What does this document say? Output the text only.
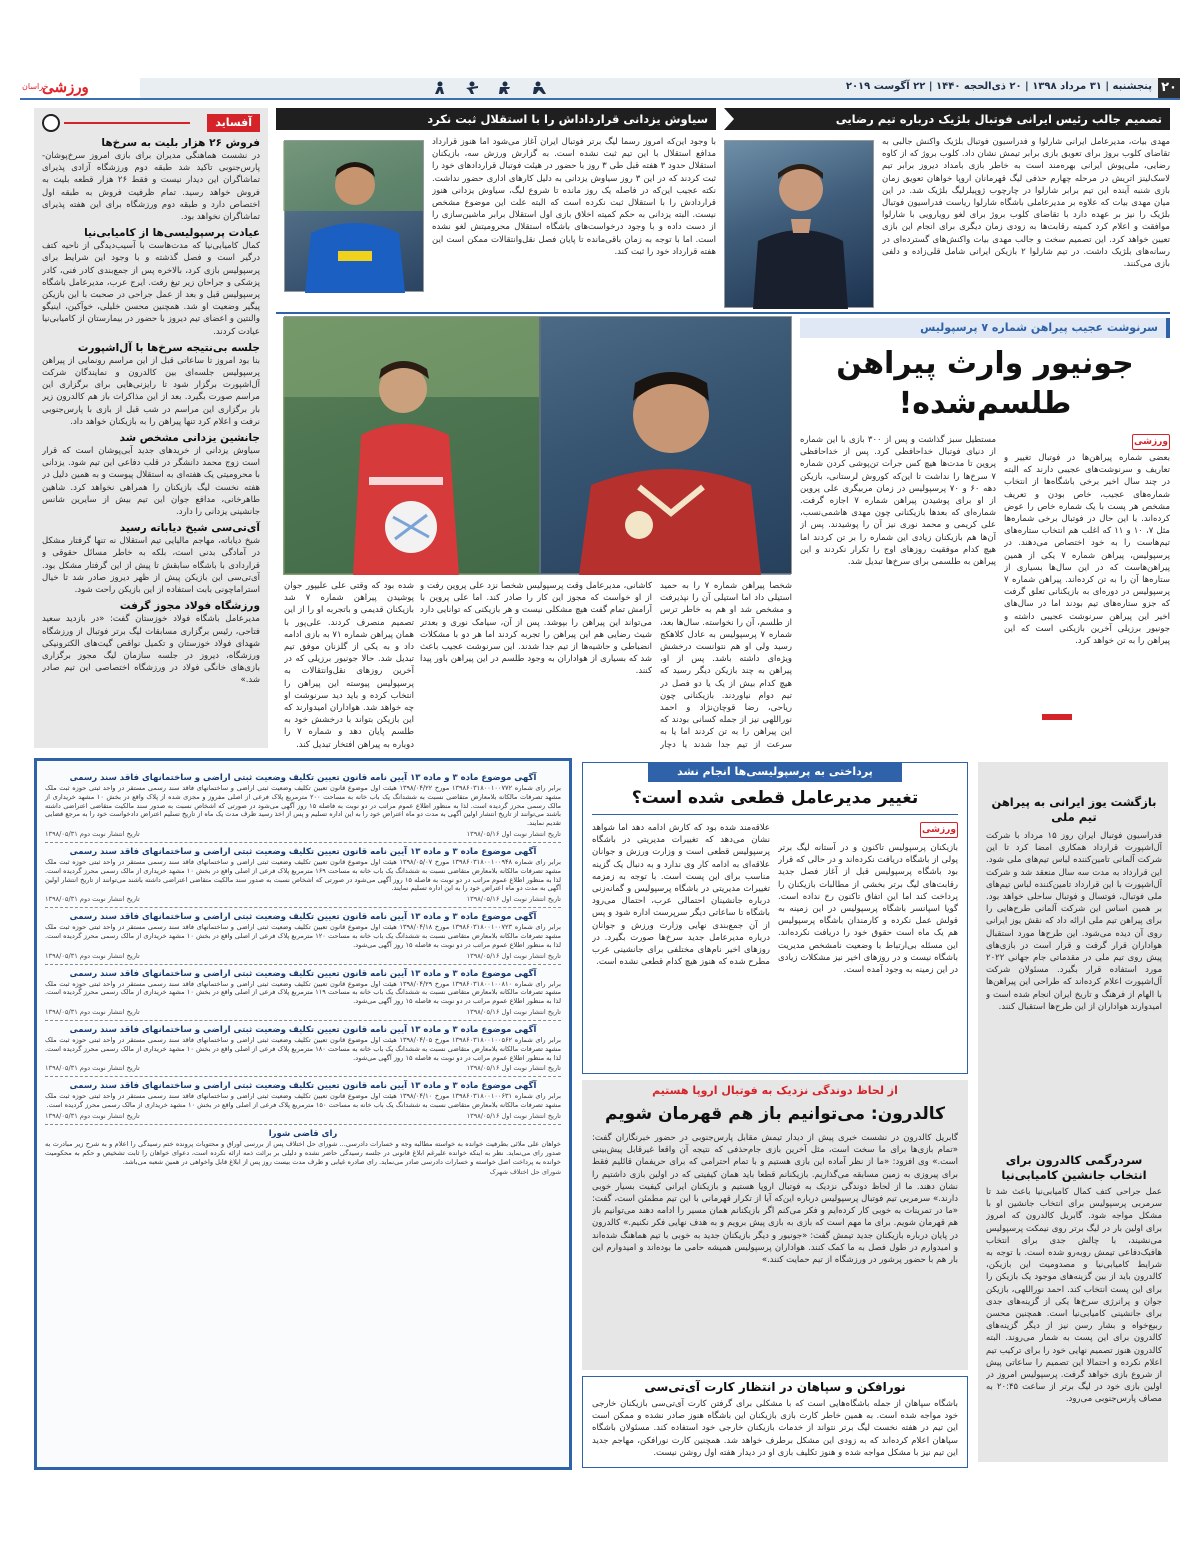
۲۰
پنجشنبه | ۳۱ مرداد ۱۳۹۸ | ۲۰ ذی‌الحجه ۱۴۴۰ | ۲۲ آگوست ۲۰۱۹
خراسان
ورزشی
آفساید
فروش ۲۶ هزار بلیت به سرخ‌ها
در نشست هماهنگی مدیران برای بازی امروز سرخ‌پوشان-پارس‌جنوبی تاکید شد طبقه دوم ورزشگاه آزادی پذیرای تماشاگران این دیدار نیست و فقط ۲۶ هزار قطعه بلیت به فروش خواهد رسید. تمام ظرفیت فروش به طبقه اول اختصاص دارد و طبقه دوم ورزشگاه برای این هفته پذیرای تماشاگران نخواهد بود.
عیادت پرسپولیسی‌ها از کامیابی‌نیا
کمال کامیابی‌نیا که مدت‌هاست با آسیب‌دیدگی از ناحیه کتف درگیر است و فصل گذشته و با وجود این شرایط برای پرسپولیس بازی کرد، بالاخره پس از جمع‌بندی کادر فنی، کادر پزشکی و جراحان زیر تیغ رفت. ایرج عرب، مدیرعامل باشگاه پرسپولیس قبل و بعد از عمل جراحی در صحبت با این بازیکن پیگیر وضعیت او شد. همچنین محسن خلیلی، خوآکین، اینیگو والنتین و اعضای تیم دیروز با حضور در بیمارستان از کامیابی‌نیا عیادت کردند.
جلسه بی‌نتیجه سرخ‌ها با آل‌اشپورت
بنا بود امروز تا ساعاتی قبل از این مراسم رونمایی از پیراهن پرسپولیس جلسه‌ای بین کالدرون و نمایندگان شرکت آل‌اشپورت برگزار شود تا رایزنی‌هایی برای برگزاری این مراسم صورت بگیرد. بعد از این مذاکرات باز هم کالدرون زیر بار برگزاری این مراسم در شب قبل از بازی با پارس‌جنوبی نرفت و اعلام کرد تنها پیراهن را به بازیکنان خواهد داد.
جانشین یزدانی مشخص شد
سیاوش یزدانی از خریدهای جدید آبی‌پوشان است که قرار است زوج محمد دانشگر در قلب دفاعی این تیم شود. یزدانی با محرومیتی یک هفته‌ای به استقلال پیوست و به همین دلیل در هفته نخست لیگ بازیکنان را همراهی نخواهد کرد. شاهین طاهرخانی، مدافع جوان این تیم بیش از سایرین شانس جانشینی یزدانی را دارد.
آی‌تی‌سی شیخ دیاباته رسید
شیخ دیاباته، مهاجم مالیایی تیم استقلال نه تنها گرفتار مشکل در آمادگی بدنی است، بلکه به خاطر مسائل حقوقی و قراردادی با باشگاه سابقش تا پیش از این گرفتار مشکل بود. آی‌تی‌سی این بازیکن پیش از ظهر دیروز صادر شد تا خیال استراماچونی بابت استفاده از این بازیکن راحت شود.
ورزشگاه فولاد مجوز گرفت
مدیرعامل باشگاه فولاد خوزستان گفت: «در بازدید سعید فتاحی، رئیس برگزاری مسابقات لیگ برتر فوتبال از ورزشگاه شهدای فولاد خوزستان و تکمیل نواقص گیت‌های الکترونیکی ورزشگاه، دیروز در جلسه سازمان لیگ مجوز برگزاری بازی‌های خانگی فولاد در ورزشگاه اختصاصی این تیم صادر شد.»
تصمیم جالب رئیس ایرانی فوتبال بلژیک درباره تیم رضایی
مهدی بیات، مدیرعامل ایرانی شارلوا و فدراسیون فوتبال بلژیک واکنش جالبی به تقاضای کلوب بروژ برای تعویق بازی برابر تیمش نشان داد. کلوب بروژ که از کاوه رضایی، ملی‌پوش ایرانی بهره‌مند است به خاطر بازی بامداد دیروز برابر تیم لاسک‌لینز اتریش در مرحله چهارم حذفی لیگ قهرمانان اروپا خواهان تعویق زمان بازی شنبه آینده این تیم برابر شارلوا در چارچوب ژوپیلرلیگ بلژیک شد. در این میان مهدی بیات که علاوه بر مدیرعاملی باشگاه شارلوا ریاست فدراسیون فوتبال بلژیک را نیز بر عهده دارد با تقاضای کلوب بروژ برای لغو رویارویی با شارلوا موافقت و اعلام کرد کمیته رقابت‌ها به زودی زمان دیگری برای انجام این بازی تعیین خواهد کرد. این تصمیم سخت و جالب مهدی بیات واکنش‌های گسترده‌ای در رسانه‌های بلژیک داشت. در تیم شارلوا ۲ بازیکن ایرانی شامل قلی‌زاده و دلفی بازی می‌کنند.
سیاوش یزدانی قرارداداش را با استقلال ثبت نکرد
با وجود این‌که امروز رسما لیگ برتر فوتبال ایران آغاز می‌شود اما هنوز قرارداد مدافع استقلال با این تیم ثبت نشده است. به گزارش ورزش سه، بازیکنان استقلال حدود ۳ هفته قبل طی ۳ روز با حضور در هیئت فوتبال قراردادهای خود را ثبت کردند که در این ۳ روز سیاوش یزدانی به دلیل کارهای اداری حضور نداشت. نکته عجیب این‌که در فاصله یک روز مانده تا شروع لیگ، سیاوش یزدانی هنوز قراردادش را با استقلال ثبت نکرده است که البته علت این موضوع مشخص نیست. البته یزدانی به حکم کمیته اخلاق بازی اول استقلال برابر ماشین‌سازی را از دست داده و با وجود درخواست‌های باشگاه استقلال محرومیتش لغو نشده است. اما با توجه به زمان باقی‌مانده تا پایان فصل نقل‌وانتقالات ممکن است این هفته قرارداد خود را ثبت کند.
سرنوشت عجیب پیراهن شماره ۷ پرسپولیس
جونیور وارث پیراهن
طلسم‌شده!
ورزشی
بعضی شماره پیراهن‌ها در فوتبال تغییر و تعاریف و سرنوشت‌های عجیبی دارند که البته در چند سال اخیر برخی باشگاه‌ها از انتخاب شماره‌های عجیب، خاص بودن و تعریف مشخص هر پست با یک شماره خاص را عوض کرده‌اند. با این حال در فوتبال برخی شماره‌ها مثل ۷، ۱۰ و ۱۱ که اغلب هم انتخاب ستاره‌های تیم‌هاست را به خود اختصاص می‌دهند. در پرسپولیس، پیراهن شماره ۷ یکی از همین پیراهن‌هاست که در این سال‌ها بسیاری از ستاره‌ها آن را به تن کرده‌اند. پیراهن شماره ۷ پرسپولیس در دوره‌ای به بازیکنانی تعلق گرفت که جزو ستاره‌های تیم بودند اما در سال‌های اخیر این پیراهن سرنوشت عجیبی داشته و جونیور برزیلی آخرین بازیکنی است که این پیراهن را به تن خواهد کرد.
مستطیل سبز گذاشت و پس از ۳۰۰ بازی با این شماره از دنیای فوتبال خداحافظی کرد. پس از خداحافظی پروین تا مدت‌ها هیچ کس جرات تن‌پوشی کردن شماره ۷ سرخ‌ها را نداشت تا این‌که کوروش لرستانی، بازیکن دهه ۶۰ و ۷۰ پرسپولیس در زمان مربیگری علی پروین از او برای پوشیدن پیراهن شماره ۷ اجازه گرفت. شماره‌ای که بعدها بازیکنانی چون مهدی هاشمی‌نسب، علی کریمی و محمد نوری نیز آن را پوشیدند. پس از آن‌ها هم بازیکنان زیادی این شماره را بر تن کردند اما هیچ کدام موفقیت روزهای اوج را تکرار نکردند و این پیراهن به طلسمی برای سرخ‌ها تبدیل شد.
شخصا پیراهن شماره ۷ را به حمید استیلی داد اما استیلی آن را نپذیرفت و مشخص شد او هم به خاطر ترس از طلسم، آن را نخواسته. سال‌ها بعد، شماره ۷ پرسپولیس به عادل کلاهکج رسید ولی او هم نتوانست درخشش ویژه‌ای داشته باشد. پس از او، پیراهن به چند بازیکن دیگر رسید که هیچ کدام بیش از یک یا دو فصل در تیم دوام نیاوردند. بازیکنانی چون ریاحی، رضا قوچان‌نژاد و احمد نوراللهی نیز از جمله کسانی بودند که این پیراهن را به تن کردند اما یا به سرعت از تیم جدا شدند یا دچار
کاشانی، مدیرعامل وقت پرسپولیس شخصا نزد علی پروین رفت و از او خواست که مجوز این کار را صادر کند. اما علی پروین با آرامش تمام گفت هیچ مشکلی نیست و هر بازیکنی که توانایی دارد می‌تواند این پیراهن را بپوشد. پس از آن، سیامک نوری و بعدتر شیث رضایی هم این پیراهن را تجربه کردند اما هر دو با مشکلات انضباطی و حاشیه‌ها از تیم جدا شدند. این سرنوشت عجیب باعث شد که بسیاری از هواداران به وجود طلسم در این پیراهن باور پیدا کنند.
شده بود که وقتی علی علیپور جوان پوشیدن پیراهن شماره ۷ شد بازیکنان قدیمی و باتجربه او را از این تصمیم منصرف کردند. علی‌پور با همان پیراهن شماره ۷۱ به بازی ادامه داد و به یکی از گلزنان موفق تیم تبدیل شد. حالا جونیور برزیلی که در آخرین روزهای نقل‌وانتقالات به پرسپولیس پیوسته این پیراهن را انتخاب کرده و باید دید سرنوشت او چه خواهد شد. هواداران امیدوارند که این بازیکن بتواند با درخشش خود به طلسم پایان دهد و شماره ۷ را دوباره به پیراهن افتخار تبدیل کند.
آگهی موضوع ماده ۳ و ماده ۱۳ آیین نامه قانون تعیین تکلیف وضعیت ثبتی اراضی و ساختمانهای فاقد سند رسمی
برابر رای شماره ۱۳۹۸۶۰۳۱۸۰۰۱۰۰۷۷۲ مورخ ۱۳۹۸/۰۴/۲۲ هیئت اول موضوع قانون تعیین تکلیف وضعیت ثبتی اراضی و ساختمانهای فاقد سند رسمی مستقر در واحد ثبتی حوزه ثبت ملک مشهد تصرفات مالکانه بلامعارض متقاضی نسبت به ششدانگ یک باب خانه به مساحت ۲۰۰ مترمربع پلاک فرعی از اصلی مفروز و مجزی شده از پلاک واقع در بخش ۱۰ مشهد خریداری از مالک رسمی محرز گردیده است. لذا به منظور اطلاع عموم مراتب در دو نوبت به فاصله ۱۵ روز آگهی می‌شود در صورتی که اشخاص نسبت به صدور سند مالکیت متقاضی اعتراضی داشته باشند می‌توانند از تاریخ انتشار اولین آگهی به مدت دو ماه اعتراض خود را به این اداره تسلیم و پس از اخذ رسید ظرف مدت یک ماه از تاریخ تسلیم اعتراض دادخواست خود را به مرجع قضایی تقدیم نمایند.
تاریخ انتشار نوبت اول ۱۳۹۸/۰۵/۱۶
تاریخ انتشار نوبت دوم ۱۳۹۸/۰۵/۳۱
آگهی موضوع ماده ۳ و ماده ۱۳ آیین نامه قانون تعیین تکلیف وضعیت ثبتی اراضی و ساختمانهای فاقد سند رسمی
برابر رای شماره ۱۳۹۸۶۰۳۱۸۰۰۱۰۰۹۴۸ مورخ ۱۳۹۸/۰۵/۰۷ هیئت اول موضوع قانون تعیین تکلیف وضعیت ثبتی اراضی و ساختمانهای فاقد سند رسمی مستقر در واحد ثبتی حوزه ثبت ملک مشهد تصرفات مالکانه بلامعارض متقاضی نسبت به ششدانگ یک باب خانه به مساحت ۱۶۹ مترمربع پلاک فرعی از اصلی واقع در بخش ۱۰ مشهد خریداری از مالک رسمی محرز گردیده است. لذا به منظور اطلاع عموم مراتب در دو نوبت به فاصله ۱۵ روز آگهی می‌شود در صورتی که اشخاص نسبت به صدور سند مالکیت متقاضی اعتراضی داشته باشند می‌توانند از تاریخ انتشار اولین آگهی به مدت دو ماه اعتراض خود را به این اداره تسلیم نمایند.
تاریخ انتشار نوبت اول ۱۳۹۸/۰۵/۱۶
تاریخ انتشار نوبت دوم ۱۳۹۸/۰۵/۳۱
آگهی موضوع ماده ۳ و ماده ۱۳ آیین نامه قانون تعیین تکلیف وضعیت ثبتی اراضی و ساختمانهای فاقد سند رسمی
برابر رای شماره ۱۳۹۸۶۰۳۱۸۰۰۱۰۰۷۲۳ مورخ ۱۳۹۸/۰۴/۱۸ هیئت اول موضوع قانون تعیین تکلیف وضعیت ثبتی اراضی و ساختمانهای فاقد سند رسمی مستقر در واحد ثبتی حوزه ثبت ملک مشهد تصرفات مالکانه بلامعارض متقاضی نسبت به ششدانگ یک باب خانه به مساحت ۱۲۰ مترمربع پلاک فرعی از اصلی واقع در بخش ۱۰ مشهد خریداری از مالک رسمی محرز گردیده است. لذا به منظور اطلاع عموم مراتب در دو نوبت به فاصله ۱۵ روز آگهی می‌شود.
تاریخ انتشار نوبت اول ۱۳۹۸/۰۵/۱۶
تاریخ انتشار نوبت دوم ۱۳۹۸/۰۵/۳۱
آگهی موضوع ماده ۳ و ماده ۱۳ آیین نامه قانون تعیین تکلیف وضعیت ثبتی اراضی و ساختمانهای فاقد سند رسمی
برابر رای شماره ۱۳۹۸۶۰۳۱۸۰۰۱۰۰۸۱۰ مورخ ۱۳۹۸/۰۴/۲۹ هیئت اول موضوع قانون تعیین تکلیف وضعیت ثبتی اراضی و ساختمانهای فاقد سند رسمی مستقر در واحد ثبتی حوزه ثبت ملک مشهد تصرفات مالکانه بلامعارض متقاضی نسبت به ششدانگ یک باب خانه به مساحت ۱۱۹ مترمربع پلاک فرعی از اصلی واقع در بخش ۱۰ مشهد خریداری از مالک رسمی محرز گردیده است. لذا به منظور اطلاع عموم مراتب در دو نوبت به فاصله ۱۵ روز آگهی می‌شود.
تاریخ انتشار نوبت اول ۱۳۹۸/۰۵/۱۶
تاریخ انتشار نوبت دوم ۱۳۹۸/۰۵/۳۱
آگهی موضوع ماده ۳ و ماده ۱۳ آیین نامه قانون تعیین تکلیف وضعیت ثبتی اراضی و ساختمانهای فاقد سند رسمی
برابر رای شماره ۱۳۹۸۶۰۳۱۸۰۰۱۰۰۵۶۲ مورخ ۱۳۹۸/۰۴/۰۵ هیئت اول موضوع قانون تعیین تکلیف وضعیت ثبتی اراضی و ساختمانهای فاقد سند رسمی مستقر در واحد ثبتی حوزه ثبت ملک مشهد تصرفات مالکانه بلامعارض متقاضی نسبت به ششدانگ یک باب خانه به مساحت ۱۸۰ مترمربع پلاک فرعی از اصلی واقع در بخش ۱۰ مشهد خریداری از مالک رسمی محرز گردیده است. لذا به منظور اطلاع عموم مراتب در دو نوبت به فاصله ۱۵ روز آگهی می‌شود.
تاریخ انتشار نوبت اول ۱۳۹۸/۰۵/۱۶
تاریخ انتشار نوبت دوم ۱۳۹۸/۰۵/۳۱
آگهی موضوع ماده ۳ و ماده ۱۳ آیین نامه قانون تعیین تکلیف وضعیت ثبتی اراضی و ساختمانهای فاقد سند رسمی
برابر رای شماره ۱۳۹۸۶۰۳۱۸۰۰۱۰۰۶۳۱ مورخ ۱۳۹۸/۰۴/۱۰ هیئت اول موضوع قانون تعیین تکلیف وضعیت ثبتی اراضی و ساختمانهای فاقد سند رسمی مستقر در واحد ثبتی حوزه ثبت ملک مشهد تصرفات مالکانه بلامعارض متقاضی نسبت به ششدانگ یک باب خانه به مساحت ۱۵۰ مترمربع پلاک فرعی از اصلی واقع در بخش ۱۰ مشهد خریداری از مالک رسمی محرز گردیده است.
تاریخ انتشار نوبت اول ۱۳۹۸/۰۵/۱۶
تاریخ انتشار نوبت دوم ۱۳۹۸/۰۵/۳۱
رای قاضی شورا
خواهان علی ملائی بطرفیت خوانده به خواسته مطالبه وجه و خسارات دادرسی... شورای حل اختلاف پس از بررسی اوراق و محتویات پرونده ختم رسیدگی را اعلام و به شرح زیر مبادرت به صدور رای می‌نماید. نظر به اینکه خوانده علیرغم ابلاغ قانونی در جلسه رسیدگی حاضر نشده و دلیلی بر برائت ذمه ارائه نکرده است، دعوای خواهان را ثابت تشخیص و حکم به محکومیت خوانده به پرداخت اصل خواسته و خسارات دادرسی صادر می‌نماید. رای صادره غیابی و ظرف مدت بیست روز پس از ابلاغ قابل واخواهی در همین شعبه می‌باشد.
شورای حل اختلاف شهرک
پرداختی به پرسپولیسی‌ها انجام نشد
تغییر مدیرعامل قطعی شده است؟
ورزشی
بازیکنان پرسپولیس تاکنون و در آستانه لیگ برتر پولی از باشگاه دریافت نکرده‌اند و در حالی که قرار بود باشگاه پرسپولیس قبل از آغاز فصل جدید رقابت‌های لیگ برتر بخشی از مطالبات بازیکنان را پرداخت کند اما این اتفاق تاکنون رخ نداده است. گویا اسپانسر باشگاه پرسپولیس در این زمینه به قولش عمل نکرده و کارمندان باشگاه پرسپولیس هم یک ماه است حقوق خود را دریافت نکرده‌اند. این مسئله بی‌ارتباط با وضعیت نامشخص مدیریت باشگاه نیست و در روزهای اخیر نیز مشکلات زیادی در این زمینه به وجود آمده است.
علاقه‌مند شده بود که کارش ادامه دهد اما شواهد نشان می‌دهد که تغییرات مدیریتی در باشگاه پرسپولیس قطعی است و وزارت ورزش و جوانان علاقه‌ای به ادامه کار وی ندارد و به دنبال یک گزینه مناسب برای این پست است. با توجه به زمزمه تغییرات مدیریتی در باشگاه پرسپولیس و گمانه‌زنی درباره جانشینان احتمالی عرب، احتمال می‌رود باشگاه تا ساعاتی دیگر سرپرست اداره شود و پس از آن جمع‌بندی نهایی وزارت ورزش و جوانان درباره مدیرعامل جدید سرخ‌ها صورت بگیرد. در روزهای اخیر نام‌های مختلفی برای جانشینی عرب مطرح شده که هنوز هیچ کدام قطعی نشده است.
از لحاظ دوندگی نزدیک به فوتبال اروپا هستیم
کالدرون: می‌توانیم باز هم قهرمان شویم
گابریل کالدرون در نشست خبری پیش از دیدار تیمش مقابل پارس‌جنوبی در حضور خبرنگاران گفت: «تمام بازی‌ها برای ما سخت است، مثل آخرین بازی جام‌حذفی که نتیجه آن واقعا غیرقابل پیش‌بینی است.» وی افزود: «ما از نظر آماده این بازی هستیم و با تمام احترامی که برای حریفمان قائلیم فقط برای پیروزی به زمین مسابقه می‌گذاریم. بازیکنانم قطعا باید همان کیفیتی که در اولین بازی داشتیم را نشان دهند. ما از لحاظ دوندگی نزدیک به فوتبال اروپا هستیم و بازیکنان ایرانی کیفیت بسیار خوبی دارند.» سرمربی تیم فوتبال پرسپولیس درباره این‌که آیا از تکرار قهرمانی با این تیم مطمئن است، گفت: «ما در تمرینات به خوبی کار کرده‌ایم و فکر می‌کنم اگر بازیکنانم همان مسیر را ادامه دهند می‌توانیم باز هم قهرمان شویم. برای ما مهم است که بازی به بازی پیش برویم و به هدف نهایی فکر نکنیم.» کالدرون در پایان درباره بازیکنان جدید تیمش گفت: «جونیور و دیگر بازیکنان جدید به خوبی با تیم هماهنگ شده‌اند و امیدوارم در طول فصل به ما کمک کنند. هواداران پرسپولیس همیشه حامی ما بوده‌اند و امیدوارم این بار هم با حضور پرشور در ورزشگاه از تیم حمایت کنند.»
نورافکن و سپاهان در انتظار کارت آی‌تی‌سی
باشگاه سپاهان از جمله باشگاه‌هایی است که با مشکلی برای گرفتن کارت آی‌تی‌سی بازیکنان خارجی خود مواجه شده است. به همین خاطر کارت بازی بازیکنان این باشگاه هنوز صادر نشده و ممکن است این تیم در هفته نخست لیگ برتر نتواند از خدمات بازیکنان خارجی خود استفاده کند. مسئولان باشگاه سپاهان اعلام کرده‌اند که به زودی این مشکل برطرف خواهد شد. همچنین کارت نورافکن، مهاجم جدید این تیم نیز با مشکل مواجه شده و هنوز تکلیف بازی او در دیدار هفته اول روشن نیست.
بازگشت یوز ایرانی به پیراهن تیم ملی
فدراسیون فوتبال ایران روز ۱۵ مرداد با شرکت آل‌اشپورت قرارداد همکاری امضا کرد تا این شرکت آلمانی تامین‌کننده لباس تیم‌های ملی شود. این قرارداد به مدت سه سال منعقد شد و شرکت آل‌اشپورت با این قرارداد تامین‌کننده لباس تیم‌های ملی فوتبال، فوتسال و فوتبال ساحلی خواهد بود. بر همین اساس این شرکت آلمانی طرح‌هایی را برای پیراهن تیم ملی ارائه داد که نقش یوز ایرانی روی آن دیده می‌شود. این طرح‌ها مورد استقبال هواداران قرار گرفت و قرار است در بازی‌های پیش روی تیم ملی در مقدماتی جام جهانی ۲۰۲۲ مورد استفاده قرار بگیرد. مسئولان شرکت آل‌اشپورت اعلام کرده‌اند که طراحی این پیراهن‌ها با الهام از فرهنگ و تاریخ ایران انجام شده است و امیدوارند هواداران از این طرح‌ها استقبال کنند.
سردرگمی کالدرون برای انتخاب جانشین کامیابی‌نیا
عمل جراحی کتف کمال کامیابی‌نیا باعث شد تا سرمربی پرسپولیس برای انتخاب جانشین او با مشکل مواجه شود. گابریل کالدرون که امروز برای اولین بار در لیگ برتر روی نیمکت پرسپولیس می‌نشیند، با چالش جدی برای انتخاب هافبک‌دفاعی تیمش روبه‌رو شده است. با توجه به شرایط کامیابی‌نیا و مصدومیت این بازیکن، کالدرون باید از بین گزینه‌های موجود یک بازیکن را برای این پست انتخاب کند. احمد نوراللهی، بازیکن جوان و پرانرژی سرخ‌ها یکی از گزینه‌های جدی برای جانشینی کامیابی‌نیا است. همچنین محسن ربیع‌خواه و بشار رسن نیز از دیگر گزینه‌های کالدرون برای این پست به شمار می‌روند. البته کالدرون هنوز تصمیم نهایی خود را برای ترکیب تیم اعلام نکرده و احتمالا این تصمیم را ساعاتی پیش از شروع بازی خواهد گرفت. پرسپولیس امروز در اولین بازی خود در لیگ برتر از ساعت ۲۰:۴۵ به مصاف پارس‌جنوبی می‌رود.
